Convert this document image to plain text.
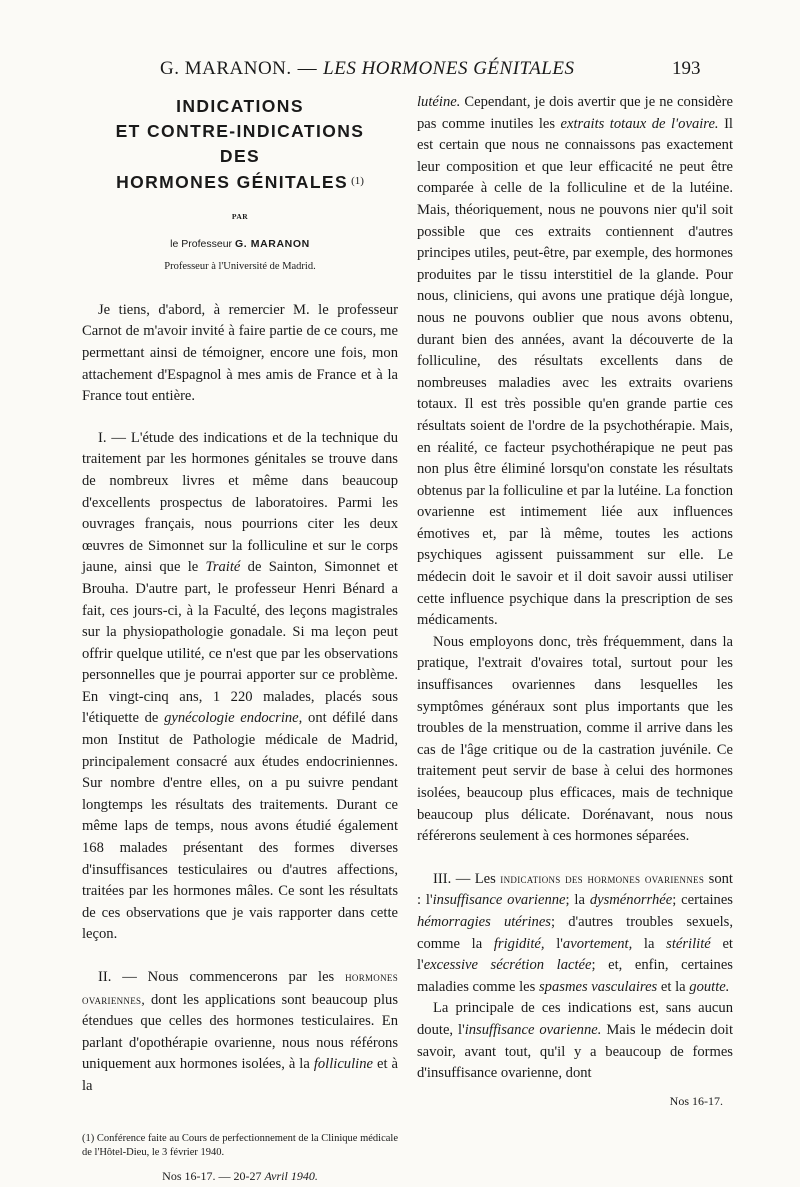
G. MARANON. — LES HORMONES GÉNITALES	193
INDICATIONS
ET CONTRE-INDICATIONS
DES
HORMONES GÉNITALES $^{(1)}$
PAR
le Professeur G. MARANON
Professeur à l'Université de Madrid.

Je tiens, d'abord, à remercier M. le professeur Carnot de m'avoir invité à faire partie de ce cours, me permettant ainsi de témoigner, encore une fois, mon attachement d'Espagnol à mes amis de France et à la France tout entière.

I. — L'étude des indications et de la technique du traitement par les hormones génitales se trouve dans de nombreux livres et même dans beaucoup d'excellents prospectus de laboratoires. Parmi les ouvrages français, nous pourrions citer les deux œuvres de Simonnet sur la folliculine et sur le corps jaune, ainsi que le Traité de Sainton, Simonnet et Brouha. D'autre part, le professeur Henri Bénard a fait, ces jours-ci, à la Faculté, des leçons magistrales sur la physiopathologie gonadale. Si ma leçon peut offrir quelque utilité, ce n'est que par les observations personnelles que je pourrai apporter sur ce problème. En vingt-cinq ans, 1 220 malades, placés sous l'étiquette de gynécologie endocrine, ont défilé dans mon Institut de Pathologie médicale de Madrid, principalement consacré aux études endocriniennes. Sur nombre d'entre elles, on a pu suivre pendant longtemps les résultats des traitements. Durant ce même laps de temps, nous avons étudié également 168 malades présentant des formes diverses d'insuffisances testiculaires ou d'autres affections, traitées par les hormones mâles. Ce sont les résultats de ces observations que je vais rapporter dans cette leçon.

II. — Nous commencerons par les hormones ovariennes, dont les applications sont beaucoup plus étendues que celles des hormones testiculaires. En parlant d'opothérapie ovarienne, nous nous référons uniquement aux hormones isolées, à la folliculine et à la

(1) Conférence faite au Cours de perfectionnement de la Clinique médicale de l'Hôtel-Dieu, le 3 février 1940.
Nos 16-17. — 20-27 Avril 1940.

lutéine. Cependant, je dois avertir que je ne considère pas comme inutiles les extraits totaux de l'ovaire. Il est certain que nous ne connaissons pas exactement leur composition et que leur efficacité ne peut être comparée à celle de la folliculine et de la lutéine. Mais, théoriquement, nous ne pouvons nier qu'il soit possible que ces extraits contiennent d'autres principes utiles, peut-être, par exemple, des hormones produites par le tissu interstitiel de la glande. Pour nous, cliniciens, qui avons une pratique déjà longue, nous ne pouvons oublier que nous avons obtenu, durant bien des années, avant la découverte de la folliculine, des résultats excellents dans de nombreuses maladies avec les extraits ovariens totaux. Il est très possible qu'en grande partie ces résultats soient de l'ordre de la psychothérapie. Mais, en réalité, ce facteur psychothérapique ne peut pas non plus être éliminé lorsqu'on constate les résultats obtenus par la folliculine et par la lutéine. La fonction ovarienne est intimement liée aux influences émotives et, par là même, toutes les actions psychiques agissent puissamment sur elle. Le médecin doit le savoir et il doit savoir aussi utiliser cette influence psychique dans la prescription de ses médicaments.

Nous employons donc, très fréquemment, dans la pratique, l'extrait d'ovaires total, surtout pour les insuffisances ovariennes dans lesquelles les symptômes généraux sont plus importants que les troubles de la menstruation, comme il arrive dans les cas de l'âge critique ou de la castration juvénile. Ce traitement peut servir de base à celui des hormones isolées, beaucoup plus efficaces, mais de technique beaucoup plus délicate. Dorénavant, nous nous référerons seulement à ces hormones séparées.

III. — Les indications des hormones ovariennes sont : l'insuffisance ovarienne; la dysménorrhée; certaines hémorragies utérines; d'autres troubles sexuels, comme la frigidité, l'avortement, la stérilité et l'excessive sécrétion lactée; et, enfin, certaines maladies comme les spasmes vasculaires et la goutte.

La principale de ces indications est, sans aucun doute, l'insuffisance ovarienne. Mais le médecin doit savoir, avant tout, qu'il y a beaucoup de formes d'insuffisance ovarienne, dont

Nos 16-17.
